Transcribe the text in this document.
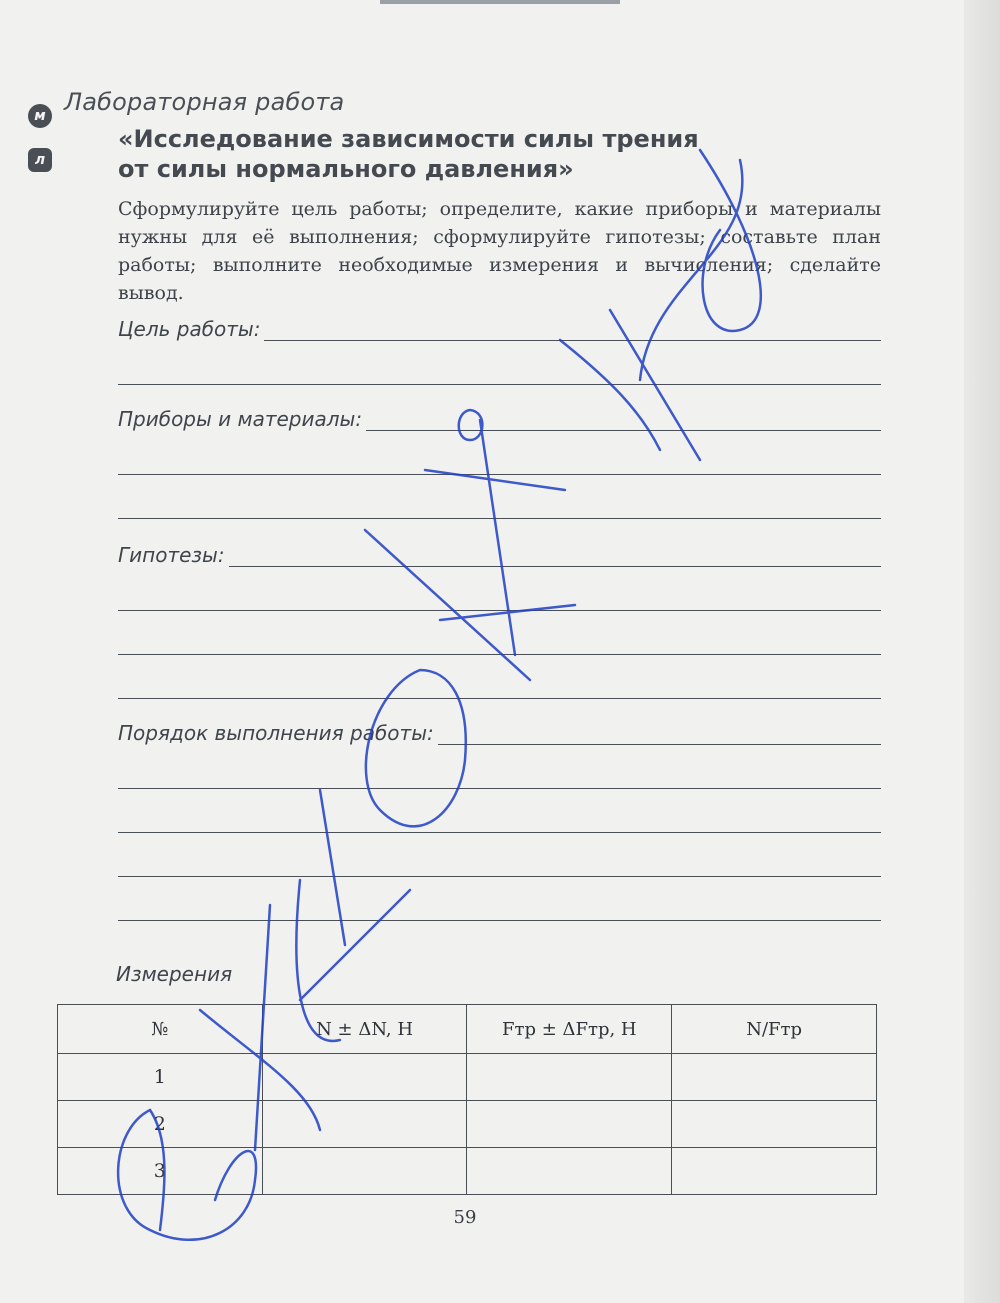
м
л
Лабораторная работа
«Исследование зависимости силы трения
от силы нормального давления»
Сформулируйте цель работы; определите, какие приборы и материалы нужны для её выполнения; сформулируйте гипотезы; составьте план работы; выполните необходимые измерения и вычисления; сделайте вывод.
Цель работы:
Приборы и материалы:
Гипотезы:
Порядок выполнения работы:
Измерения
№	N ± ΔN, Н	Fтр ± ΔFтр, Н	N/Fтр
1			
2			
3			
59
